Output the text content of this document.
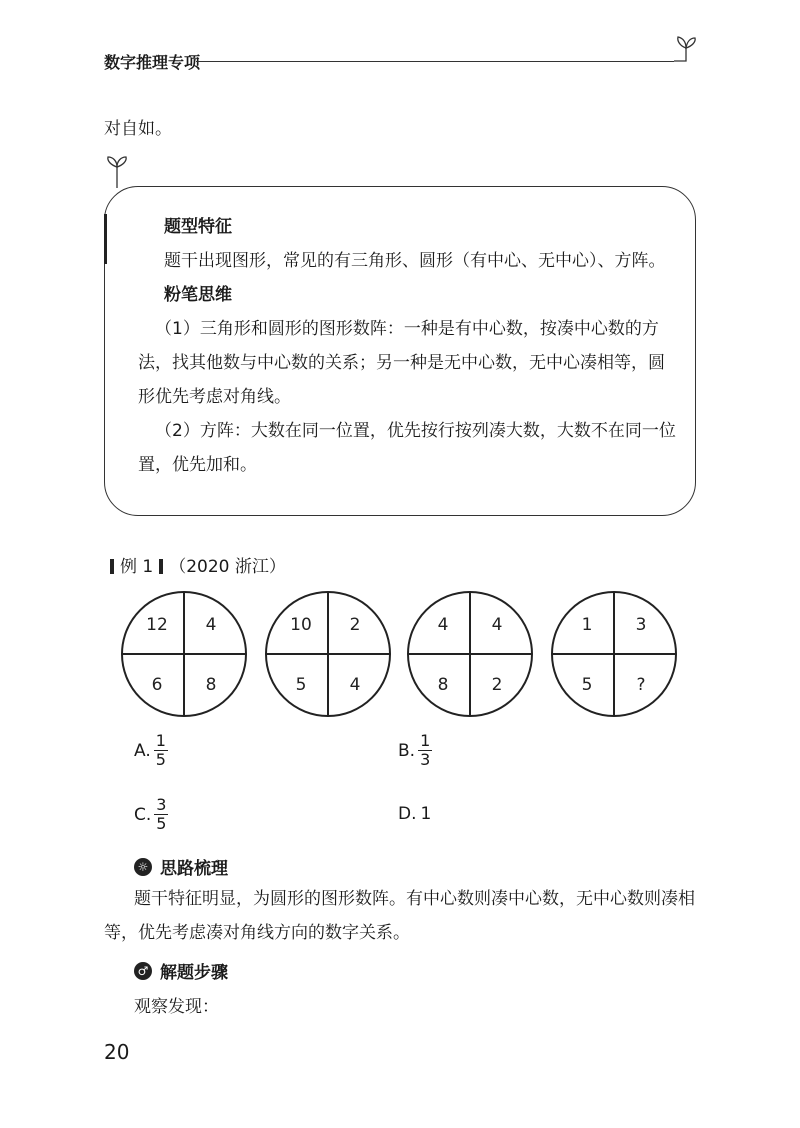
数字推理专项
对自如。

题型特征

题干出现图形，常见的有三角形、圆形（有中心、无中心）、方阵。

粉笔思维

（1）三角形和圆形的图形数阵：一种是有中心数，按凑中心数的方法，找其他数与中心数的关系；另一种是无中心数，无中心凑相等，圆形优先考虑对角线。

（2）方阵：大数在同一位置，优先按行按列凑大数，大数不在同一位置，优先加和。

例 1 （2020 浙江）
12 4
6	8
10 2
5	4
4	4
8	2
1	3
5	?
A. $\frac{1}{5}$	B. $\frac{1}{3}$
C. $\frac{3}{5}$	D. 1
☼ 思路梳理
题干特征明显，为圆形的图形数阵。有中心数则凑中心数，无中心数则凑相等，优先考虑凑对角线方向的数字关系。
♂ 解题步骤
观察发现：
20
